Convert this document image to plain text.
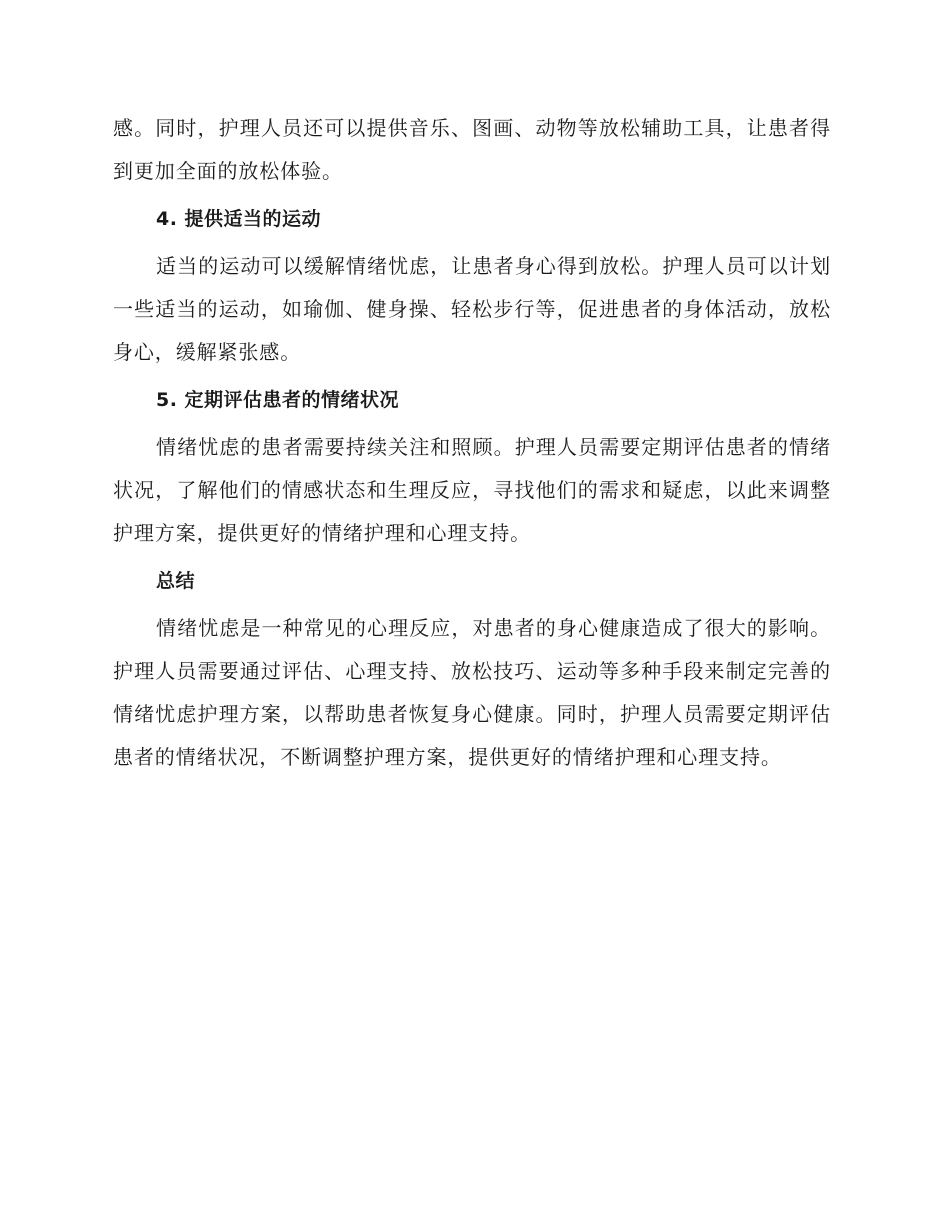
感。同时，护理人员还可以提供音乐、图画、动物等放松辅助工具，让患者得到更加全面的放松体验。

4. 提供适当的运动

适当的运动可以缓解情绪忧虑，让患者身心得到放松。护理人员可以计划一些适当的运动，如瑜伽、健身操、轻松步行等，促进患者的身体活动，放松身心，缓解紧张感。

5. 定期评估患者的情绪状况

情绪忧虑的患者需要持续关注和照顾。护理人员需要定期评估患者的情绪状况，了解他们的情感状态和生理反应，寻找他们的需求和疑虑，以此来调整护理方案，提供更好的情绪护理和心理支持。

总结

情绪忧虑是一种常见的心理反应，对患者的身心健康造成了很大的影响。护理人员需要通过评估、心理支持、放松技巧、运动等多种手段来制定完善的情绪忧虑护理方案，以帮助患者恢复身心健康。同时，护理人员需要定期评估患者的情绪状况，不断调整护理方案，提供更好的情绪护理和心理支持。
